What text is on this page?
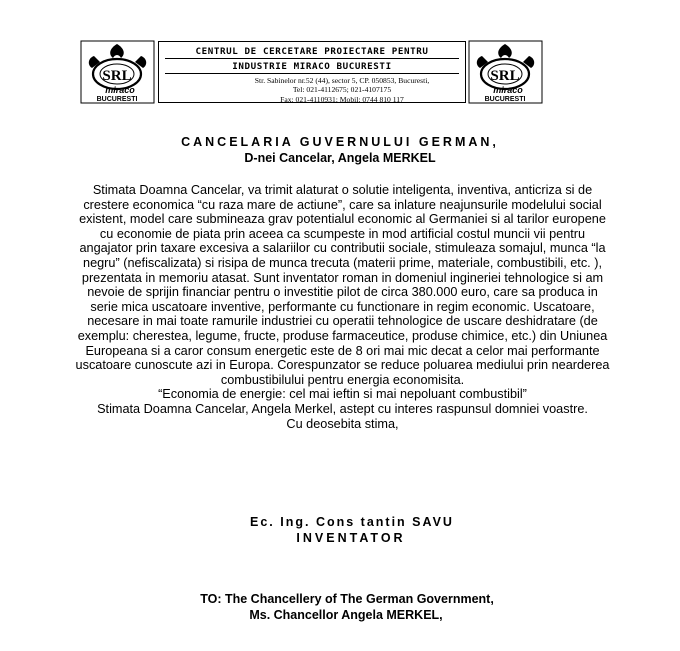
SRL
miraco
BUCURESTI
CENTRUL DE CERCETARE PROIECTARE PENTRU
INDUSTRIE MIRACO BUCURESTI
Str. Sabinelor nr.52 (44), sector 5, CP. 050853, Bucuresti,
Tel: 021-4112675; 021-4107175
Fax: 021-4110931; Mobil: 0744 810 117
SRL
miraco
BUCURESTI
CANCELARIA GUVERNULUI GERMAN,
D-nei Cancelar, Angela MERKEL

Stimata Doamna Cancelar, va trimit alaturat o solutie inteligenta, inventiva, anticriza si de crestere economica “cu raza mare de actiune”, care sa inlature neajunsurile modelului social existent, model care submineaza grav potentialul economic al Germaniei si al tarilor europene cu economie de piata prin aceea ca scumpeste in mod artificial costul muncii vii pentru angajator prin taxare excesiva a salariilor cu contributii sociale, stimuleaza somajul, munca “la negru” (nefiscalizata) si risipa de munca trecuta (materii prime, materiale, combustibili, etc. ), prezentata in memoriu atasat. Sunt inventator roman in domeniul ingineriei tehnologice si am nevoie de sprijin financiar pentru o investitie pilot de circa 380.000 euro, care sa produca in serie mica uscatoare inventive, performante cu functionare in regim economic. Uscatoare, necesare in mai toate ramurile industriei cu operatii tehnologice de uscare deshidratare (de exemplu: cherestea, legume, fructe, produse farmaceutice, produse chimice, etc.) din Uniunea Europeana si a caror consum energetic este de 8 ori mai mic decat a celor mai performante uscatoare cunoscute azi in Europa. Corespunzator se reduce poluarea mediului prin nearderea combustibilului pentru energia economisita.

“Economia de energie: cel mai ieftin si mai nepoluant combustibil”

Stimata Doamna Cancelar, Angela Merkel, astept cu interes raspunsul domniei voastre.

Cu deosebita stima,

Ec. Ing. Cons tantin SAVU
INVENTATOR
TO: The Chancellery of The German Government,
Ms. Chancellor Angela MERKEL,
